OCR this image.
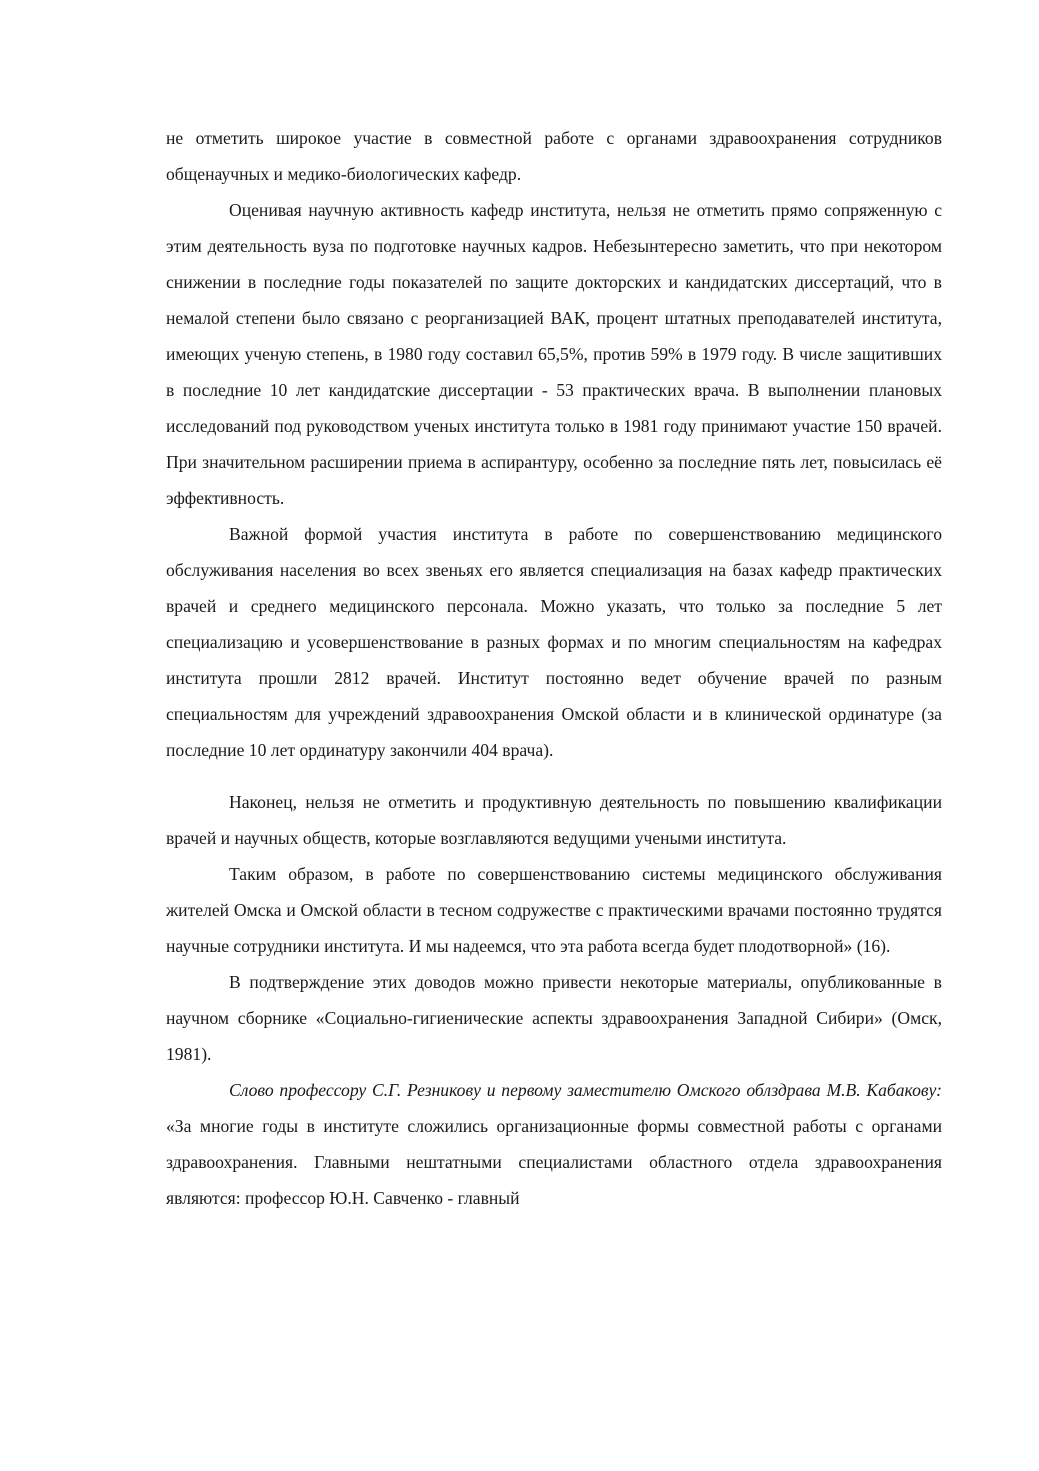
не отметить широкое участие в совместной работе с органами здравоохранения сотрудников общенаучных и медико-биологических кафедр.

Оценивая научную активность кафедр института, нельзя не отметить прямо сопряженную с этим деятельность вуза по подготовке научных кадров. Небезынтересно заметить, что при некотором снижении в последние годы показателей по защите докторских и кандидатских диссертаций, что в немалой степени было связано с реорганизацией ВАК, процент штатных преподавателей института, имеющих ученую степень, в 1980 году составил 65,5%, против 59% в 1979 году. В числе защитивших в последние 10 лет кандидатские диссертации - 53 практических врача. В выполнении плановых исследований под руководством ученых института только в 1981 году принимают участие 150 врачей. При значительном расширении приема в аспирантуру, особенно за последние пять лет, повысилась её эффективность.

Важной формой участия института в работе по совершенствованию медицинского обслуживания населения во всех звеньях его является специализация на базах кафедр практических врачей и среднего медицинского персонала. Можно указать, что только за последние 5 лет специализацию и усовершенствование в разных формах и по многим специальностям на кафедрах института прошли 2812 врачей. Институт постоянно ведет обучение врачей по разным специальностям для учреждений здравоохранения Омской области и в клинической ординатуре (за последние 10 лет ординатуру закончили 404 врача).

Наконец, нельзя не отметить и продуктивную деятельность по повышению квалификации врачей и научных обществ, которые возглавляются ведущими учеными института.

Таким образом, в работе по совершенствованию системы медицинского обслуживания жителей Омска и Омской области в тесном содружестве с практическими врачами постоянно трудятся научные сотрудники института. И мы надеемся, что эта работа всегда будет плодотворной» (16).

В подтверждение этих доводов можно привести некоторые материалы, опубликованные в научном сборнике «Социально-гигиенические аспекты здравоохранения Западной Сибири» (Омск, 1981).

Слово профессору С.Г. Резникову и первому заместителю Омского облздрава М.В. Кабакову: «За многие годы в институте сложились организационные формы совместной работы с органами здравоохранения. Главными нештатными специалистами областного отдела здравоохранения являются: профессор Ю.Н. Савченко - главный
